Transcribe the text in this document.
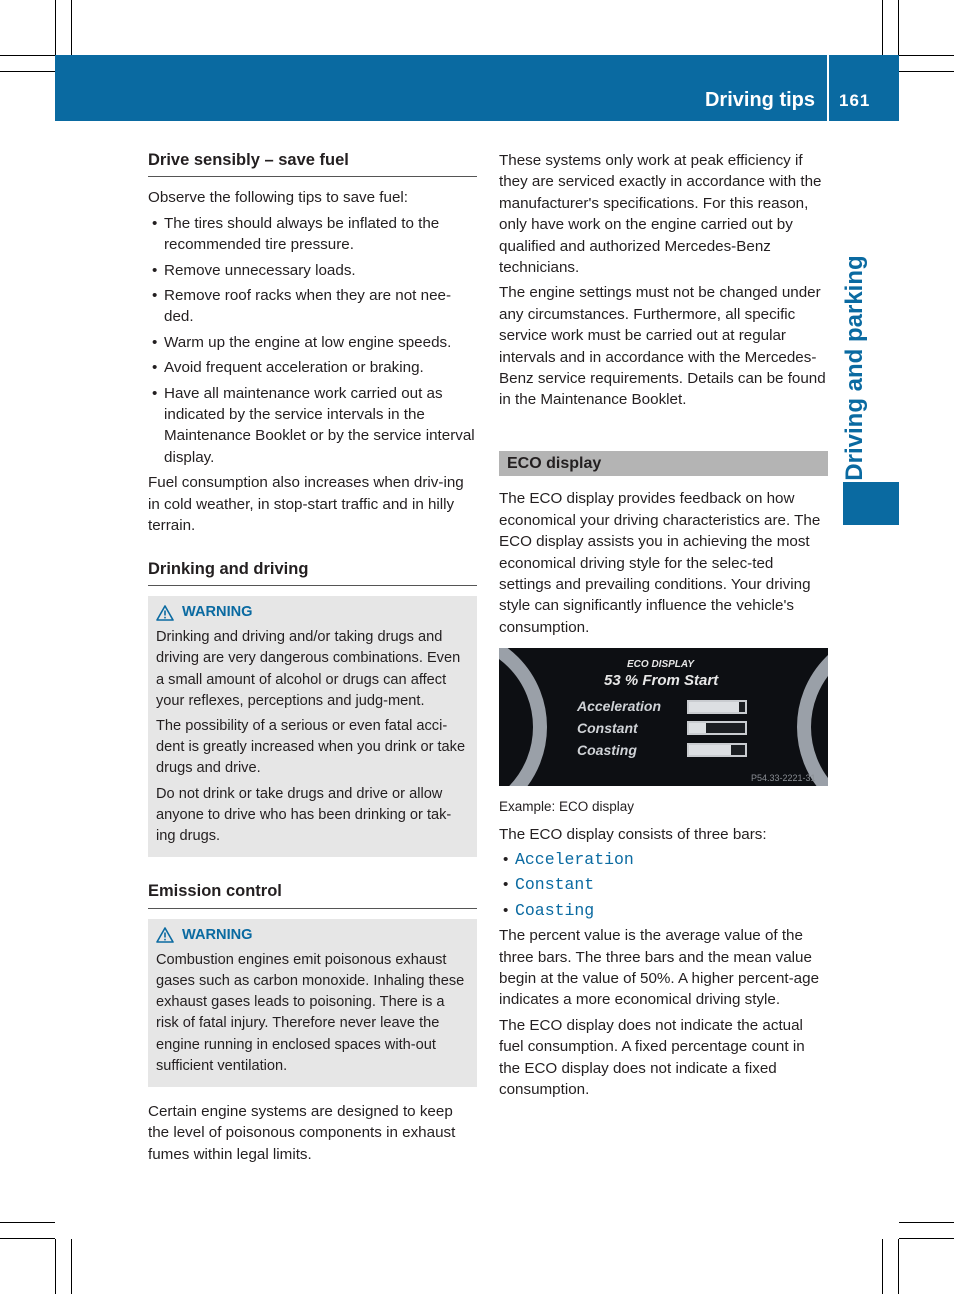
Driving tips 161
Driving and parking
Drive sensibly – save fuel

Observe the following tips to save fuel:

• The tires should always be inflated to the recommended tire pressure.
• Remove unnecessary loads.
• Remove roof racks when they are not nee-ded.
• Warm up the engine at low engine speeds.
• Avoid frequent acceleration or braking.
• Have all maintenance work carried out as indicated by the service intervals in the Maintenance Booklet or by the service interval display.

Fuel consumption also increases when driv-ing in cold weather, in stop-start traffic and in hilly terrain.

Drinking and driving
WARNING

Drinking and driving and/or taking drugs and driving are very dangerous combinations. Even a small amount of alcohol or drugs can affect your reflexes, perceptions and judg-ment.

The possibility of a serious or even fatal acci-dent is greatly increased when you drink or take drugs and drive.

Do not drink or take drugs and drive or allow anyone to drive who has been drinking or tak-ing drugs.

Emission control
WARNING

Combustion engines emit poisonous exhaust gases such as carbon monoxide. Inhaling these exhaust gases leads to poisoning. There is a risk of fatal injury. Therefore never leave the engine running in enclosed spaces with-out sufficient ventilation.

Certain engine systems are designed to keep the level of poisonous components in exhaust fumes within legal limits.

These systems only work at peak efficiency if they are serviced exactly in accordance with the manufacturer's specifications. For this reason, only have work on the engine carried out by qualified and authorized Mercedes-Benz technicians.

The engine settings must not be changed under any circumstances. Furthermore, all specific service work must be carried out at regular intervals and in accordance with the Mercedes-Benz service requirements. Details can be found in the Maintenance Booklet.

ECO display

The ECO display provides feedback on how economical your driving characteristics are. The ECO display assists you in achieving the most economical driving style for the selec-ted settings and prevailing conditions. Your driving style can significantly influence the vehicle's consumption.

ECO DISPLAY
53 % From Start
Acceleration
Constant
Coasting
P54.33-2221-31

Example: ECO display

The ECO display consists of three bars:

• Acceleration
• Constant
• Coasting

The percent value is the average value of the three bars. The three bars and the mean value begin at the value of 50%. A higher percent-age indicates a more economical driving style.

The ECO display does not indicate the actual fuel consumption. A fixed percentage count in the ECO display does not indicate a fixed consumption.
